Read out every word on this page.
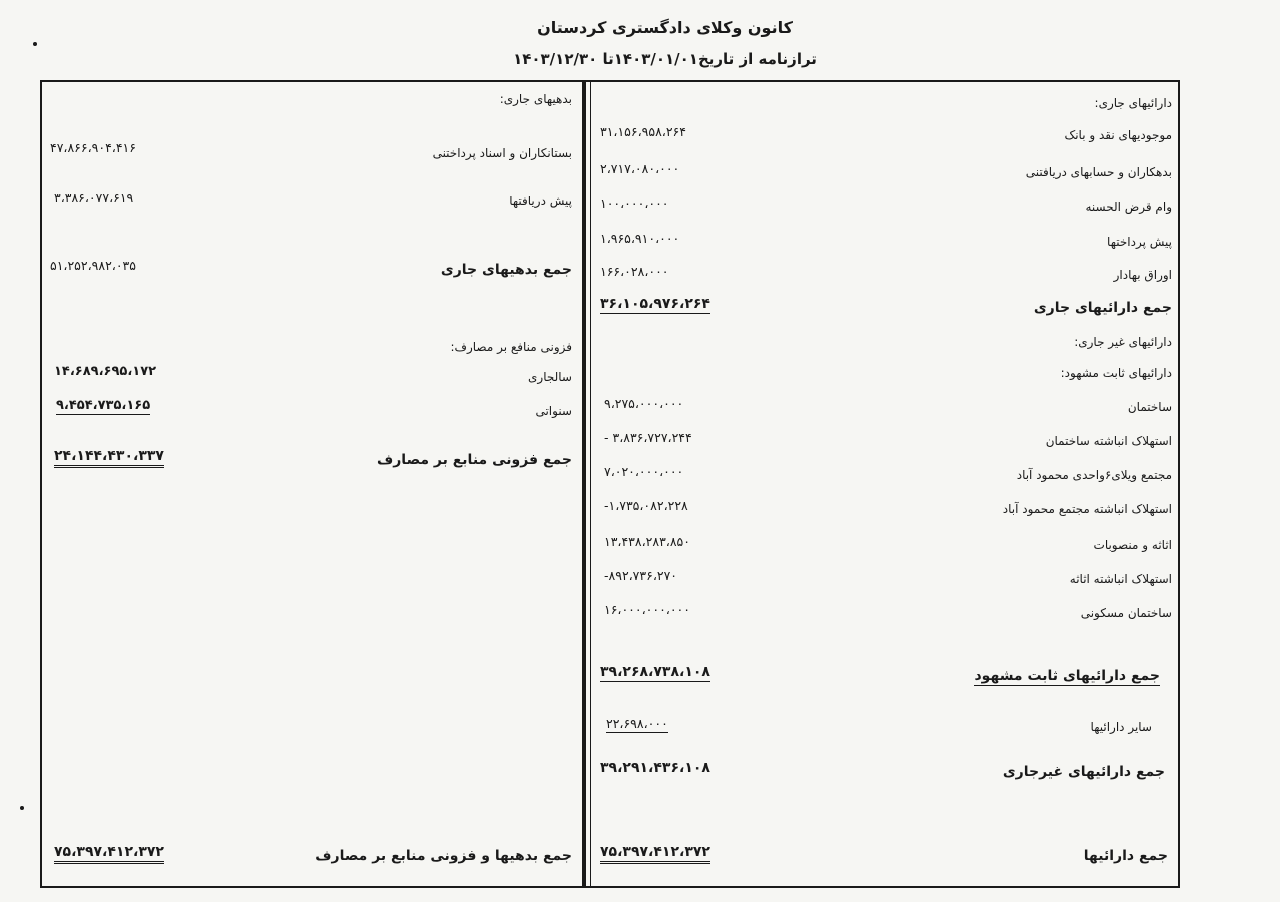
کانون وکلای دادگستری کردستان
ترازنامه از تاریخ۱۴۰۳/۰۱/۰۱تا ۱۴۰۳/۱۲/۳۰
دارائیهای جاری:
موجودیهای نقد و بانک
۳۱،۱۵۶،۹۵۸،۲۶۴
بدهکاران و حسابهای دریافتنی
۲،۷۱۷،۰۸۰،۰۰۰
وام قرض الحسنه
۱۰۰،۰۰۰،۰۰۰
پیش پرداختها
۱،۹۶۵،۹۱۰،۰۰۰
اوراق بهادار
۱۶۶،۰۲۸،۰۰۰
جمع دارائیهای جاری
۳۶،۱۰۵،۹۷۶،۲۶۴
دارائیهای غیر جاری:
دارائیهای ثابت مشهود:
ساختمان
۹،۲۷۵،۰۰۰،۰۰۰
استهلاک انباشته ساختمان
- ۳،۸۳۶،۷۲۷،۲۴۴
مجتمع ویلای۶واحدی محمود آباد
۷،۰۲۰،۰۰۰،۰۰۰
استهلاک انباشته مجتمع محمود آباد
-۱،۷۳۵،۰۸۲،۲۲۸
اثاثه و منصوبات
۱۳،۴۳۸،۲۸۳،۸۵۰
استهلاک انباشته اثاثه
-۸۹۲،۷۳۶،۲۷۰
ساختمان مسکونی
۱۶،۰۰۰،۰۰۰،۰۰۰
جمع دارائیهای ثابت مشهود
۳۹،۲۶۸،۷۳۸،۱۰۸
سایر دارائیها
۲۲،۶۹۸،۰۰۰
جمع دارائیهای غیرجاری
۳۹،۲۹۱،۴۳۶،۱۰۸
جمع دارائیها
۷۵،۳۹۷،۴۱۲،۳۷۲
بدهیهای جاری:
بستانکاران و اسناد پرداختنی
۴۷،۸۶۶،۹۰۴،۴۱۶
پیش دریافتها
۳،۳۸۶،۰۷۷،۶۱۹
جمع بدهیهای جاری
۵۱،۲۵۲،۹۸۲،۰۳۵
فزونی منافع بر مصارف:
سالجاری
۱۴،۶۸۹،۶۹۵،۱۷۲
سنواتی
۹،۴۵۴،۷۳۵،۱۶۵
جمع فزونی منابع بر مصارف
۲۴،۱۴۴،۴۳۰،۳۳۷
جمع بدهیها و فزونی منابع بر مصارف
۷۵،۳۹۷،۴۱۲،۳۷۲
